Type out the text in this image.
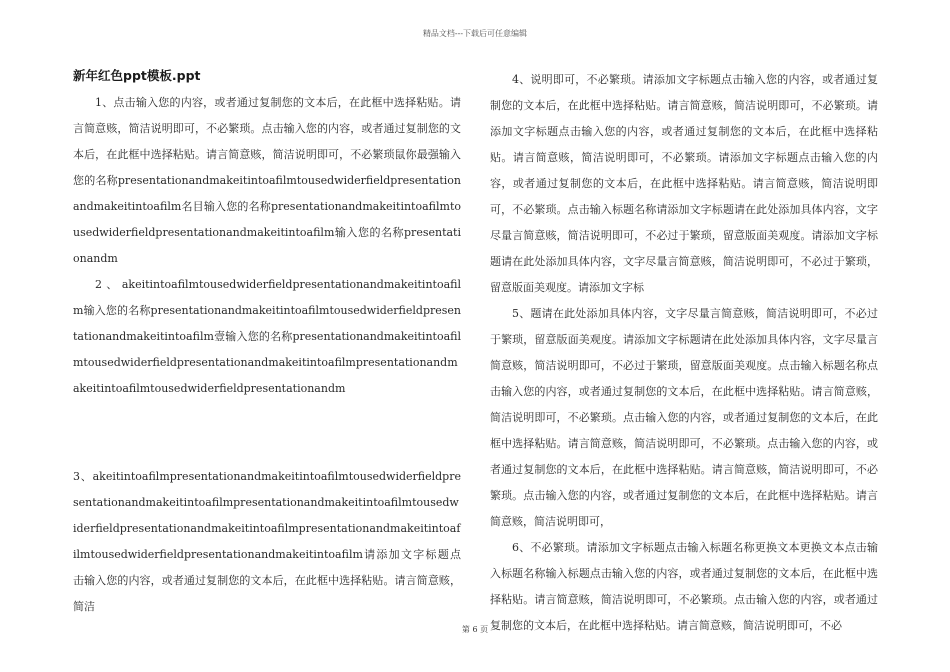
精品文档---下载后可任意编辑
新年红色ppt模板.ppt

1、点击输入您的内容，或者通过复制您的文本后，在此框中选择粘贴。请言简意赅，简洁说明即可，不必繁琐。点击输入您的内容，或者通过复制您的文本后，在此框中选择粘贴。请言简意赅，简洁说明即可，不必繁琐鼠你最强输入您的名称presentationandmakeitintoafilmtousedwiderfieldpresentationandmakeitintoafilm名目输入您的名称presentationandmakeitintoafilmtousedwiderfieldpresentationandmakeitintoafilm输入您的名称presentationandm

2、akeitintoafilmtousedwiderfieldpresentationandmakeitintoafilm输入您的名称presentationandmakeitintoafilmtousedwiderfieldpresentationandmakeitintoafilm壹输入您的名称presentationandmakeitintoafilmtousedwiderfieldpresentationandmakeitintoafilmpresentationandmakeitintoafilmtousedwiderfieldpresentationandm

3、akeitintoafilmpresentationandmakeitintoafilmtousedwiderfieldpresentationandmakeitintoafilmpresentationandmakeitintoafilmtousedwiderfieldpresentationandmakeitintoafilmpresentationandmakeitintoafilmtousedwiderfieldpresentationandmakeitintoafilm请添加文字标题点击输入您的内容，或者通过复制您的文本后，在此框中选择粘贴。请言简意赅，简洁

4、说明即可，不必繁琐。请添加文字标题点击输入您的内容，或者通过复制您的文本后，在此框中选择粘贴。请言简意赅，简洁说明即可，不必繁琐。请添加文字标题点击输入您的内容，或者通过复制您的文本后，在此框中选择粘贴。请言简意赅，简洁说明即可，不必繁琐。请添加文字标题点击输入您的内容，或者通过复制您的文本后，在此框中选择粘贴。请言简意赅，简洁说明即可，不必繁琐。点击输入标题名称请添加文字标题请在此处添加具体内容，文字尽量言简意赅，简洁说明即可，不必过于繁琐，留意版面美观度。请添加文字标题请在此处添加具体内容，文字尽量言简意赅，简洁说明即可，不必过于繁琐，留意版面美观度。请添加文字标

5、题请在此处添加具体内容，文字尽量言简意赅，简洁说明即可，不必过于繁琐，留意版面美观度。请添加文字标题请在此处添加具体内容，文字尽量言简意赅，简洁说明即可，不必过于繁琐，留意版面美观度。点击输入标题名称点击输入您的内容，或者通过复制您的文本后，在此框中选择粘贴。请言简意赅，简洁说明即可，不必繁琐。点击输入您的内容，或者通过复制您的文本后，在此框中选择粘贴。请言简意赅，简洁说明即可，不必繁琐。点击输入您的内容，或者通过复制您的文本后，在此框中选择粘贴。请言简意赅，简洁说明即可，不必繁琐。点击输入您的内容，或者通过复制您的文本后，在此框中选择粘贴。请言简意赅，简洁说明即可，

6、不必繁琐。请添加文字标题点击输入标题名称更换文本更换文本点击输入标题名称输入标题点击输入您的内容，或者通过复制您的文本后，在此框中选择粘贴。请言简意赅，简洁说明即可，不必繁琐。点击输入您的内容，或者通过复制您的文本后，在此框中选择粘贴。请言简意赅，简洁说明即可，不必

第 6 页
